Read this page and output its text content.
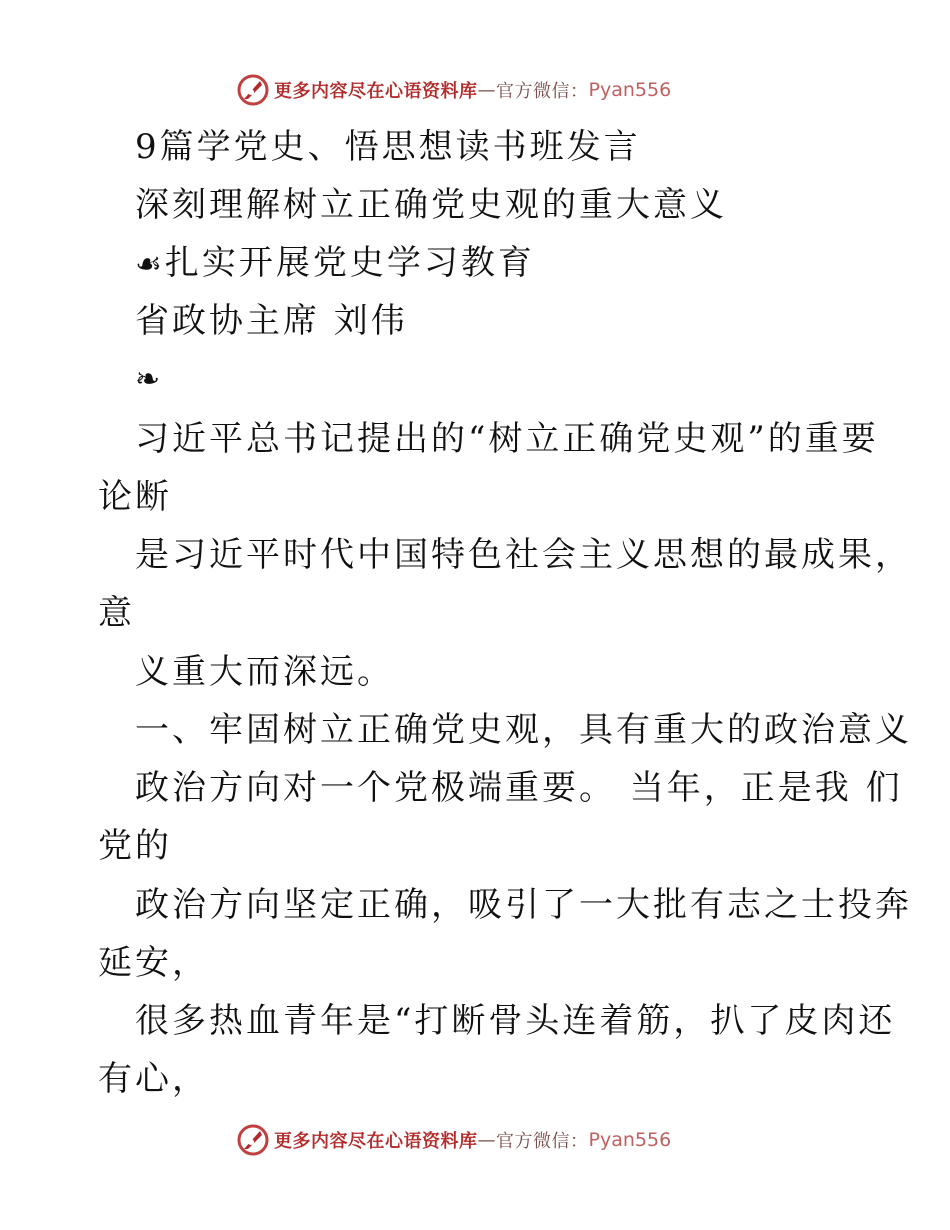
更多内容尽在心语资料库 — 官方微信： Pyan556
9篇学党史、悟思想读书班发言
深刻理解树立正确党史观的重大意义
☙扎实开展党史学习教育
省政协主席 刘伟
❧
习近平总书记提出的“树立正确党史观”的重要
论断
是习近平时代中国特色社会主义思想的最成果，
意
义重大而深远。
一、牢固树立正确党史观，具有重大的政治意义
政治方向对一个党极端重要。 当年，正是我 们
党的
政治方向坚定正确，吸引了一大批有志之士投奔
延安，
很多热血青年是“打断骨头连着筋，扒了皮肉还
有心，
更多内容尽在心语资料库 — 官方微信： Pyan556
